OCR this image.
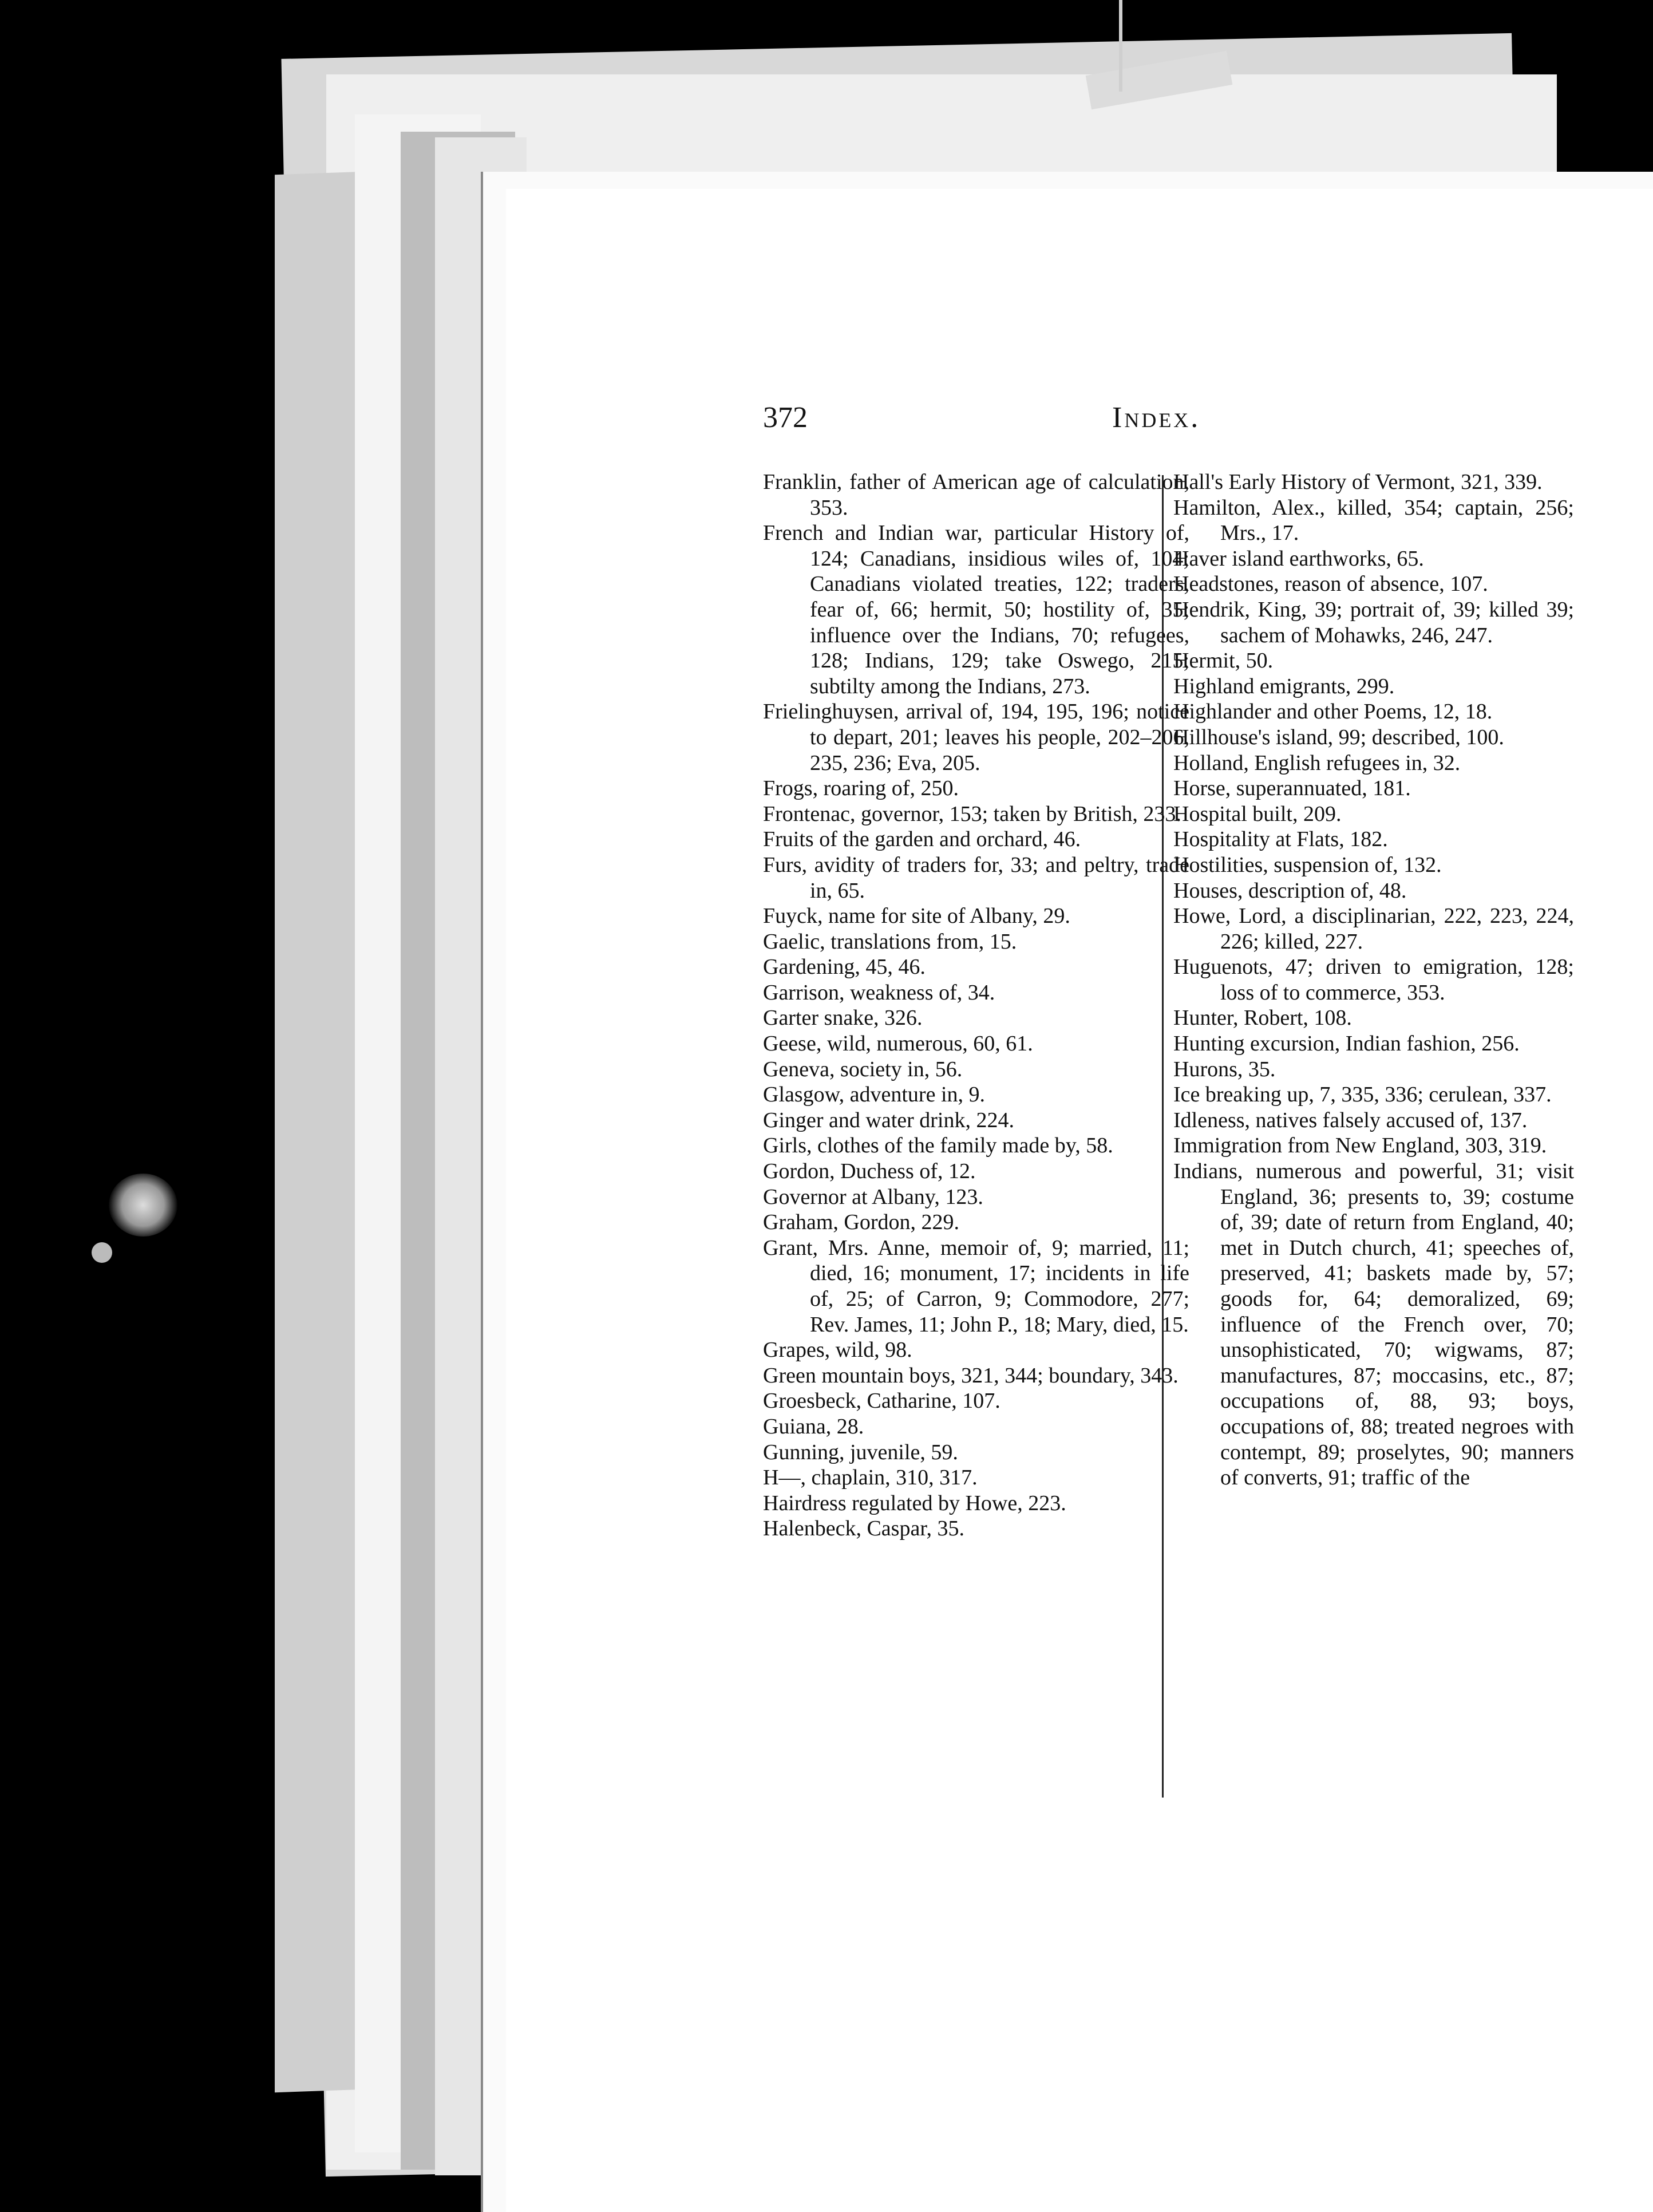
372	Index.
Franklin, father of American age of calculation, 353.
French and Indian war, particular History of, 124; Canadians, insidious wiles of, 104; Canadians violated treaties, 122; traders, fear of, 66; hermit, 50; hostility of, 35; influence over the Indians, 70; refugees, 128; Indians, 129; take Oswego, 215; subtilty among the Indians, 273.
Frielinghuysen, arrival of, 194, 195, 196; notice to depart, 201; leaves his people, 202–206, 235, 236; Eva, 205.
Frogs, roaring of, 250.
Frontenac, governor, 153; taken by British, 233.
Fruits of the garden and orchard, 46.
Furs, avidity of traders for, 33; and peltry, trade in, 65.
Fuyck, name for site of Albany, 29.
Gaelic, translations from, 15.
Gardening, 45, 46.
Garrison, weakness of, 34.
Garter snake, 326.
Geese, wild, numerous, 60, 61.
Geneva, society in, 56.
Glasgow, adventure in, 9.
Ginger and water drink, 224.
Girls, clothes of the family made by, 58.
Gordon, Duchess of, 12.
Governor at Albany, 123.
Graham, Gordon, 229.
Grant, Mrs. Anne, memoir of, 9; married, 11; died, 16; monument, 17; incidents in life of, 25; of Carron, 9; Commodore, 277; Rev. James, 11; John P., 18; Mary, died, 15.
Grapes, wild, 98.
Green mountain boys, 321, 344; boundary, 343.
Groesbeck, Catharine, 107.
Guiana, 28.
Gunning, juvenile, 59.
H—, chaplain, 310, 317.
Hairdress regulated by Howe, 223.
Halenbeck, Caspar, 35.
Hall's Early History of Vermont, 321, 339.
Hamilton, Alex., killed, 354; captain, 256; Mrs., 17.
Haver island earthworks, 65.
Headstones, reason of absence, 107.
Hendrik, King, 39; portrait of, 39; killed 39; sachem of Mohawks, 246, 247.
Hermit, 50.
Highland emigrants, 299.
Highlander and other Poems, 12, 18.
Hillhouse's island, 99; described, 100.
Holland, English refugees in, 32.
Horse, superannuated, 181.
Hospital built, 209.
Hospitality at Flats, 182.
Hostilities, suspension of, 132.
Houses, description of, 48.
Howe, Lord, a disciplinarian, 222, 223, 224, 226; killed, 227.
Huguenots, 47; driven to emigration, 128; loss of to commerce, 353.
Hunter, Robert, 108.
Hunting excursion, Indian fashion, 256.
Hurons, 35.
Ice breaking up, 7, 335, 336; cerulean, 337.
Idleness, natives falsely accused of, 137.
Immigration from New England, 303, 319.
Indians, numerous and powerful, 31; visit England, 36; presents to, 39; costume of, 39; date of return from England, 40; met in Dutch church, 41; speeches of, preserved, 41; baskets made by, 57; goods for, 64; demoralized, 69; influence of the French over, 70; unsophisticated, 70; wigwams, 87; manufactures, 87; moccasins, etc., 87; occupations of, 88, 93; boys, occupations of, 88; treated negroes with contempt, 89; proselytes, 90; manners of converts, 91; traffic of the
